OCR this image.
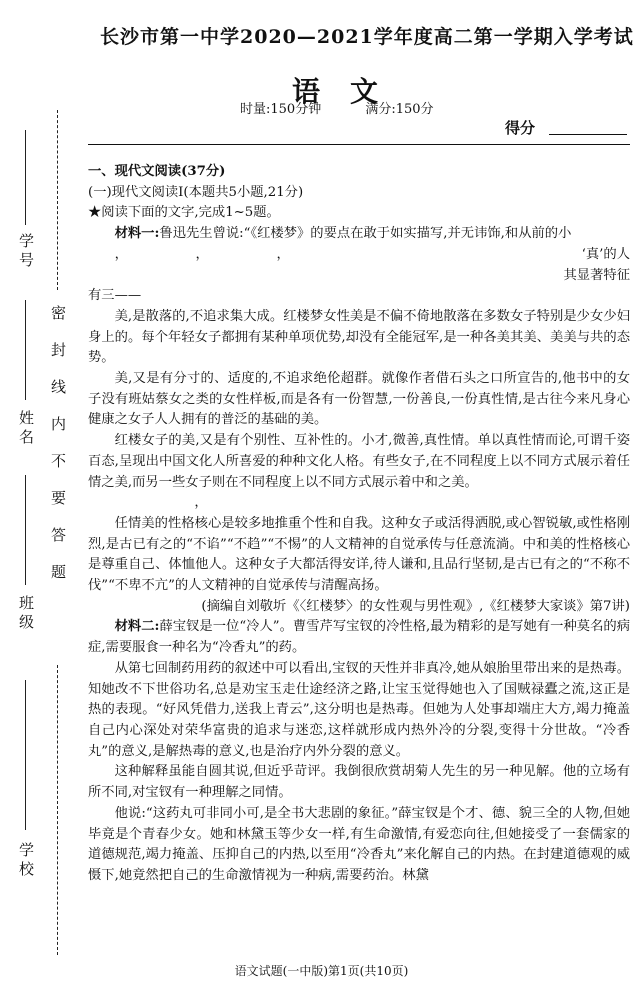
学号
姓名
班级
学校
密封线内不要答题
长沙市第一中学2020—2021学年度高二第一学期入学考试
语文
时量:150分钟	满分:150分
得分

一、现代文阅读(37分)

(一)现代文阅读Ⅰ(本题共5小题,21分)

★阅读下面的文字,完成1~5题。

材料一:鲁迅先生曾说:“《红楼梦》的要点在敢于如实描写,并无讳饰,和从前的小

，                ，                ，	‘真’的人

其显著特征

有三——

美,是散落的,不追求集大成。红楼梦女性美是不偏不倚地散落在多数女子特别是少女少妇身上的。每个年轻女子都拥有某种单项优势,却没有全能冠军,是一种各美其美、美美与共的态势。

美,又是有分寸的、适度的,不追求绝伦超群。就像作者借石头之口所宣告的,他书中的女子没有班姑蔡女之类的女性样板,而是各有一份智慧,一份善良,一份真性情,是古往今来凡身心健康之女子人人拥有的普泛的基础的美。

红楼女子的美,又是有个别性、互补性的。小才,微善,真性情。单以真性情而论,可谓千姿百态,呈现出中国文化人所喜爱的种种文化人格。有些女子,在不同程度上以不同方式展示着任情之美,而另一些女子则在不同程度上以不同方式展示着中和之美。

，

任情美的性格核心是较多地推重个性和自我。这种女子或活得洒脱,或心智锐敏,或性格刚烈,是古已有之的“不谄”“不趋”“不惕”的人文精神的自觉承传与任意流淌。中和美的性格核心是尊重自己、体恤他人。这种女子大都活得安详,待人谦和,且品行坚韧,是古已有之的“不称不伐”“不卑不亢”的人文精神的自觉承传与清醒高扬。

(摘编自刘敬圻《〈红楼梦〉的女性观与男性观》,《红楼梦大家谈》第7讲)

材料二:薛宝钗是一位“冷人”。曹雪芹写宝钗的冷性格,最为精彩的是写她有一种莫名的病症,需要服食一种名为“冷香丸”的药。

从第七回制药用药的叙述中可以看出,宝钗的天性并非真冷,她从娘胎里带出来的是热毒。知她改不下世俗功名,总是劝宝玉走仕途经济之路,让宝玉觉得她也入了国贼禄蠹之流,这正是热的表现。“好风凭借力,送我上青云”,这分明也是热毒。但她为人处事却端庄大方,竭力掩盖自己内心深处对荣华富贵的追求与迷恋,这样就形成内热外冷的分裂,变得十分世故。“冷香丸”的意义,是解热毒的意义,也是治疗内外分裂的意义。

这种解释虽能自圆其说,但近乎苛评。我倒很欣赏胡菊人先生的另一种见解。他的立场有所不同,对宝钗有一种理解之同情。

他说:“这药丸可非同小可,是全书大悲剧的象征。”薛宝钗是个才、德、貌三全的人物,但她毕竟是个青春少女。她和林黛玉等少女一样,有生命激情,有爱恋向往,但她接受了一套儒家的道德规范,竭力掩盖、压抑自己的内热,以至用“冷香丸”来化解自己的内热。在封建道德观的威慑下,她竟然把自己的生命激情视为一种病,需要药治。林黛

语文试题(一中版)第1页(共10页)
